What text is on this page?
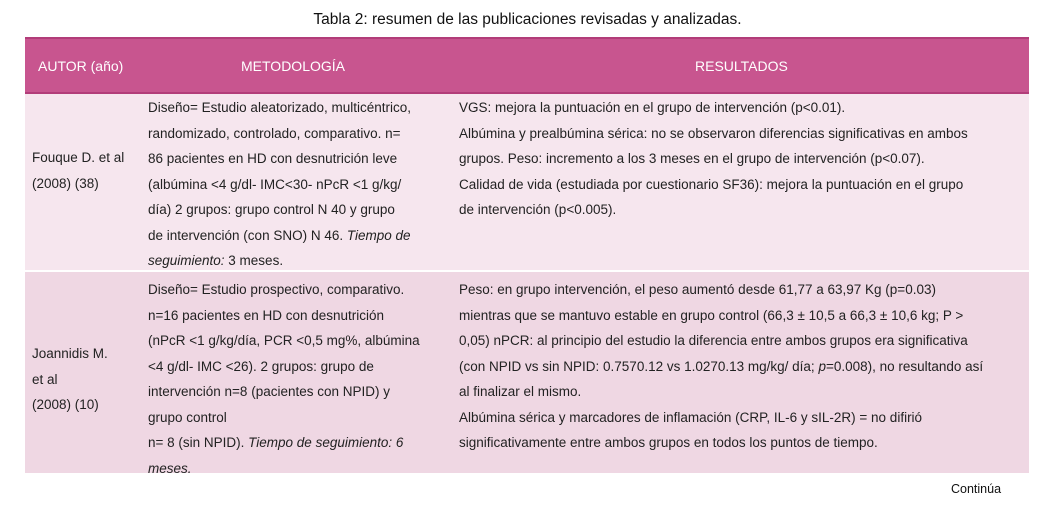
Tabla 2: resumen de las publicaciones revisadas y analizadas.
AUTOR (año)	METODOLOGÍA	RESULTADOS
Fouque D. et al
(2008) (38)
Diseño= Estudio aleatorizado, multicéntrico,
randomizado, controlado, comparativo. n=
86 pacientes en HD con desnutrición leve
(albúmina <4 g/dl- IMC<30- nPcR <1 g/kg/
día) 2 grupos: grupo control N 40 y grupo
de intervención (con SNO) N 46. Tiempo de
seguimiento: 3 meses.
VGS: mejora la puntuación en el grupo de intervención (p<0.01).
Albúmina y prealbúmina sérica: no se observaron diferencias significativas en ambos
grupos. Peso: incremento a los 3 meses en el grupo de intervención (p<0.07).
Calidad de vida (estudiada por cuestionario SF36): mejora la puntuación en el grupo
de intervención (p<0.005).
Joannidis M.
et al
(2008) (10)
Diseño= Estudio prospectivo, comparativo.
n=16 pacientes en HD con desnutrición
(nPcR <1 g/kg/día, PCR <0,5 mg%, albúmina
<4 g/dl- IMC <26). 2 grupos: grupo de
intervención n=8 (pacientes con NPID) y
grupo control
n= 8 (sin NPID). Tiempo de seguimiento: 6
meses.
Peso: en grupo intervención, el peso aumentó desde 61,77 a 63,97 Kg (p=0.03)
mientras que se mantuvo estable en grupo control (66,3 ± 10,5 a 66,3 ± 10,6 kg; P >
0,05) nPCR: al principio del estudio la diferencia entre ambos grupos era significativa
(con NPID vs sin NPID: 0.7570.12 vs 1.0270.13 mg/kg/ día; p=0.008), no resultando así
al finalizar el mismo.
Albúmina sérica y marcadores de inflamación (CRP, IL-6 y sIL-2R) = no difirió
significativamente entre ambos grupos en todos los puntos de tiempo.
Continúa
